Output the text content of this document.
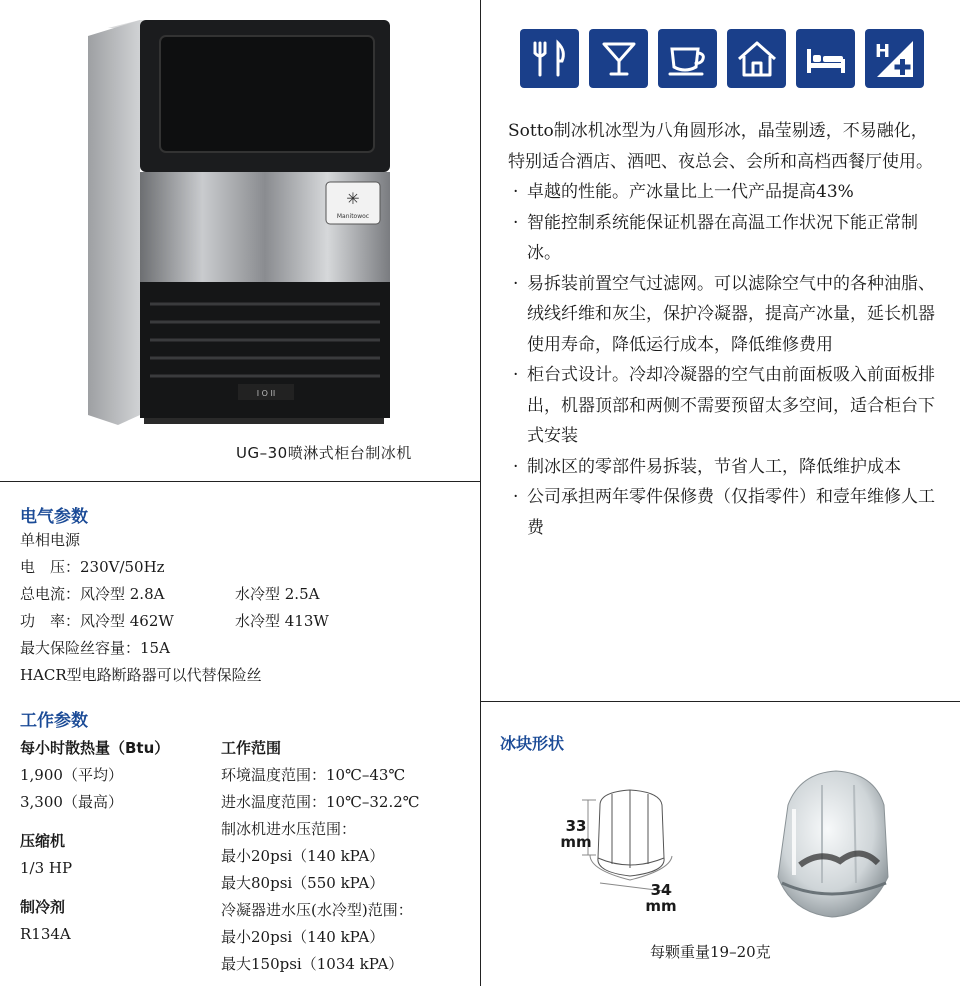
✳
Manitowoc
I O II
UG–30喷淋式柜台制冰机
H

Sotto制冰机冰型为八角圆形冰，晶莹剔透，不易融化，特别适合酒店、酒吧、夜总会、会所和高档西餐厅使用。

· 卓越的性能。产冰量比上一代产品提高43%
· 智能控制系统能保证机器在高温工作状况下能正常制冰。
· 易拆装前置空气过滤网。可以滤除空气中的各种油脂、绒线纤维和灰尘，保护冷凝器，提高产冰量，延长机器使用寿命，降低运行成本，降低维修费用
· 柜台式设计。冷却冷凝器的空气由前面板吸入前面板排出，机器顶部和两侧不需要预留太多空间，适合柜台下式安装
· 制冰区的零部件易拆装，节省人工，降低维护成本
· 公司承担两年零件保修费（仅指零件）和壹年维修人工费
电气参数
单相电源
电　压：230V/50Hz
总电流：风冷型 2.8A	水冷型 2.5A
功　率：风冷型 462W	水冷型 413W
最大保险丝容量：15A
HACR型电路断路器可以代替保险丝
工作参数
每小时散热量（Btu）
1,900（平均）
3,300（最高）
压缩机
1/3 HP
制冷剂
R134A
工作范围
环境温度范围：10℃–43℃
进水温度范围：10℃–32.2℃
制冰机进水压范围：
最小20psi（140 kPA）
最大80psi（550 kPA）
冷凝器进水压(水冷型)范围：
最小20psi（140 kPA）
最大150psi（1034 kPA）
冰块形状
33
mm
34
mm
每颗重量19–20克
